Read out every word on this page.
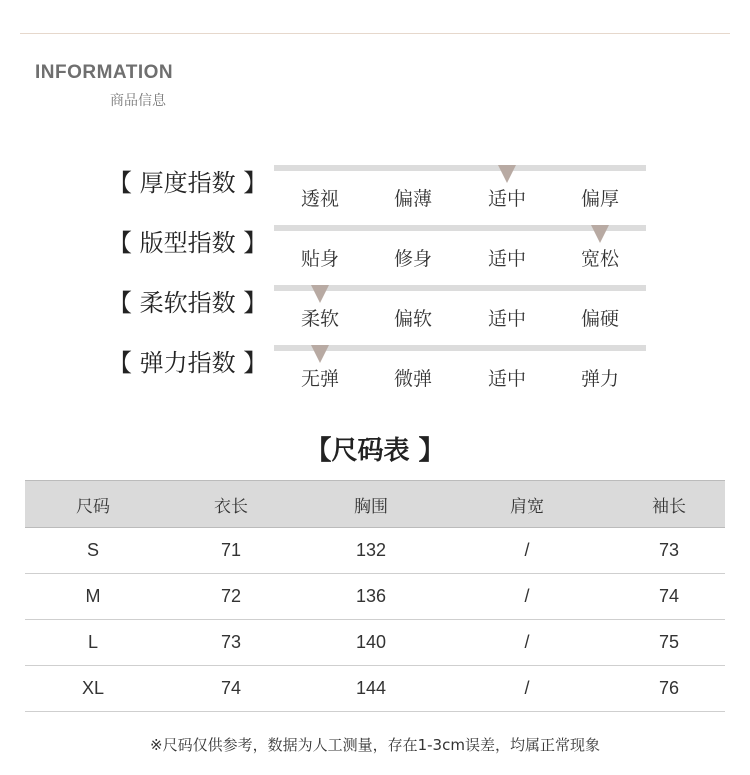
INFORMATION
商品信息
【 厚度指数 】
透视	偏薄	适中	偏厚
【 版型指数 】
贴身	修身	适中	宽松
【 柔软指数 】
柔软	偏软	适中	偏硬
【 弹力指数 】
无弹	微弹	适中	弹力
【尺码表 】
尺码	衣长	胸围	肩宽	袖长
S	71	132	/	73
M	72	136	/	74
L	73	140	/	75
XL	74	144	/	76
※尺码仅供参考，数据为人工测量，存在1-3cm误差，均属正常现象
